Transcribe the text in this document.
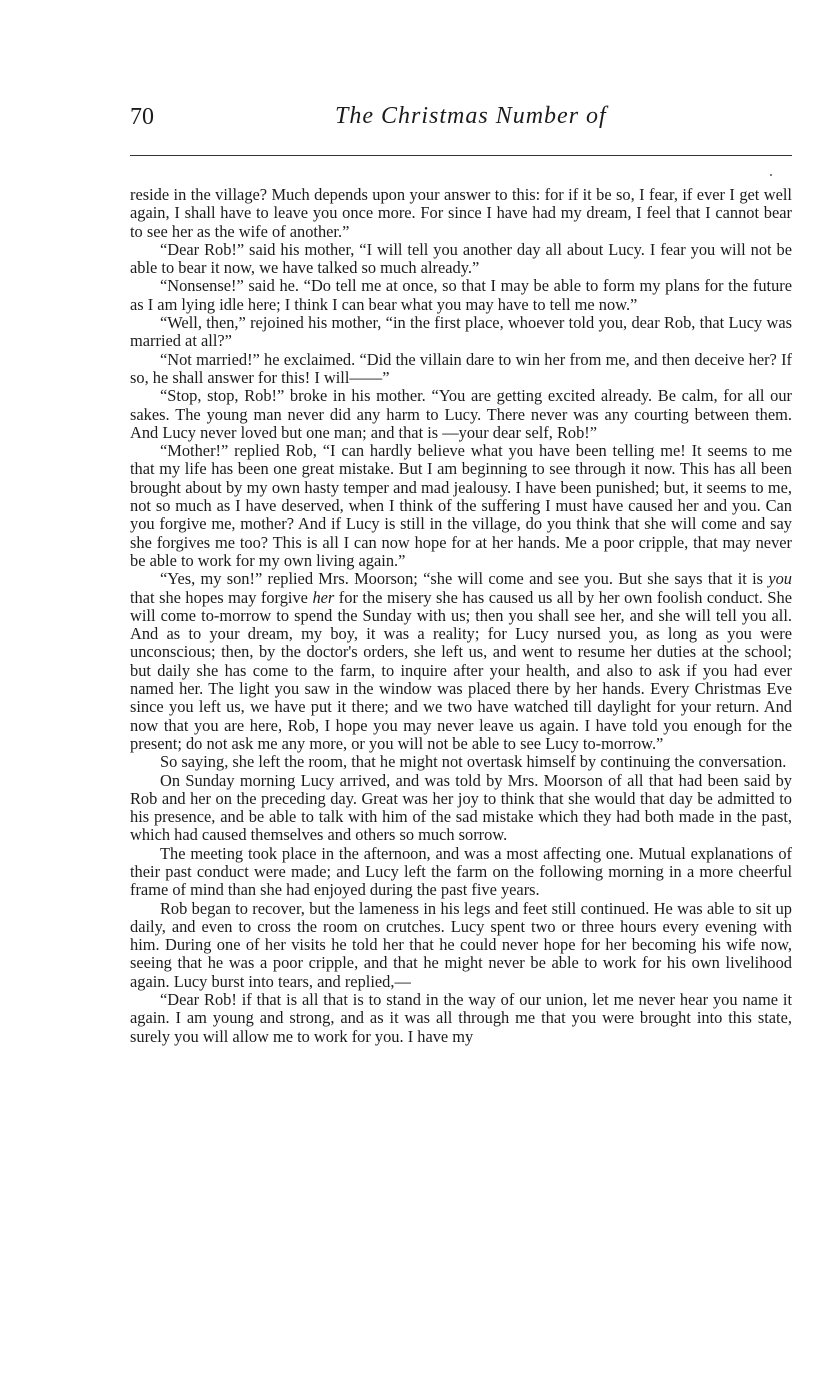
70	The Christmas Number of

reside in the village? Much depends upon your answer to this: for if it be so, I fear, if ever I get well again, I shall have to leave you once more. For since I have had my dream, I feel that I cannot bear to see her as the wife of another.”

“Dear Rob!” said his mother, “I will tell you another day all about Lucy. I fear you will not be able to bear it now, we have talked so much already.”

“Nonsense!” said he. “Do tell me at once, so that I may be able to form my plans for the future as I am lying idle here; I think I can bear what you may have to tell me now.”

“Well, then,” rejoined his mother, “in the first place, whoever told you, dear Rob, that Lucy was married at all?”

“Not married!” he exclaimed. “Did the villain dare to win her from me, and then deceive her? If so, he shall answer for this! I will——”

“Stop, stop, Rob!” broke in his mother. “You are getting excited already. Be calm, for all our sakes. The young man never did any harm to Lucy. There never was any courting between them. And Lucy never loved but one man; and that is —your dear self, Rob!”

“Mother!” replied Rob, “I can hardly believe what you have been telling me! It seems to me that my life has been one great mistake. But I am beginning to see through it now. This has all been brought about by my own hasty temper and mad jealousy. I have been punished; but, it seems to me, not so much as I have deserved, when I think of the suffering I must have caused her and you. Can you forgive me, mother? And if Lucy is still in the village, do you think that she will come and say she forgives me too? This is all I can now hope for at her hands. Me a poor cripple, that may never be able to work for my own living again.”

“Yes, my son!” replied Mrs. Moorson; “she will come and see you. But she says that it is you that she hopes may forgive her for the misery she has caused us all by her own foolish conduct. She will come to-morrow to spend the Sunday with us; then you shall see her, and she will tell you all. And as to your dream, my boy, it was a reality; for Lucy nursed you, as long as you were unconscious; then, by the doctor's orders, she left us, and went to resume her duties at the school; but daily she has come to the farm, to inquire after your health, and also to ask if you had ever named her. The light you saw in the window was placed there by her hands. Every Christmas Eve since you left us, we have put it there; and we two have watched till daylight for your return. And now that you are here, Rob, I hope you may never leave us again. I have told you enough for the present; do not ask me any more, or you will not be able to see Lucy to-morrow.”

So saying, she left the room, that he might not overtask himself by continuing the conversation.

On Sunday morning Lucy arrived, and was told by Mrs. Moorson of all that had been said by Rob and her on the preceding day. Great was her joy to think that she would that day be admitted to his presence, and be able to talk with him of the sad mistake which they had both made in the past, which had caused themselves and others so much sorrow.

The meeting took place in the afternoon, and was a most affecting one. Mutual explanations of their past conduct were made; and Lucy left the farm on the following morning in a more cheerful frame of mind than she had enjoyed during the past five years.

Rob began to recover, but the lameness in his legs and feet still continued. He was able to sit up daily, and even to cross the room on crutches. Lucy spent two or three hours every evening with him. During one of her visits he told her that he could never hope for her becoming his wife now, seeing that he was a poor cripple, and that he might never be able to work for his own livelihood again. Lucy burst into tears, and replied,—

“Dear Rob! if that is all that is to stand in the way of our union, let me never hear you name it again. I am young and strong, and as it was all through me that you were brought into this state, surely you will allow me to work for you. I have my
